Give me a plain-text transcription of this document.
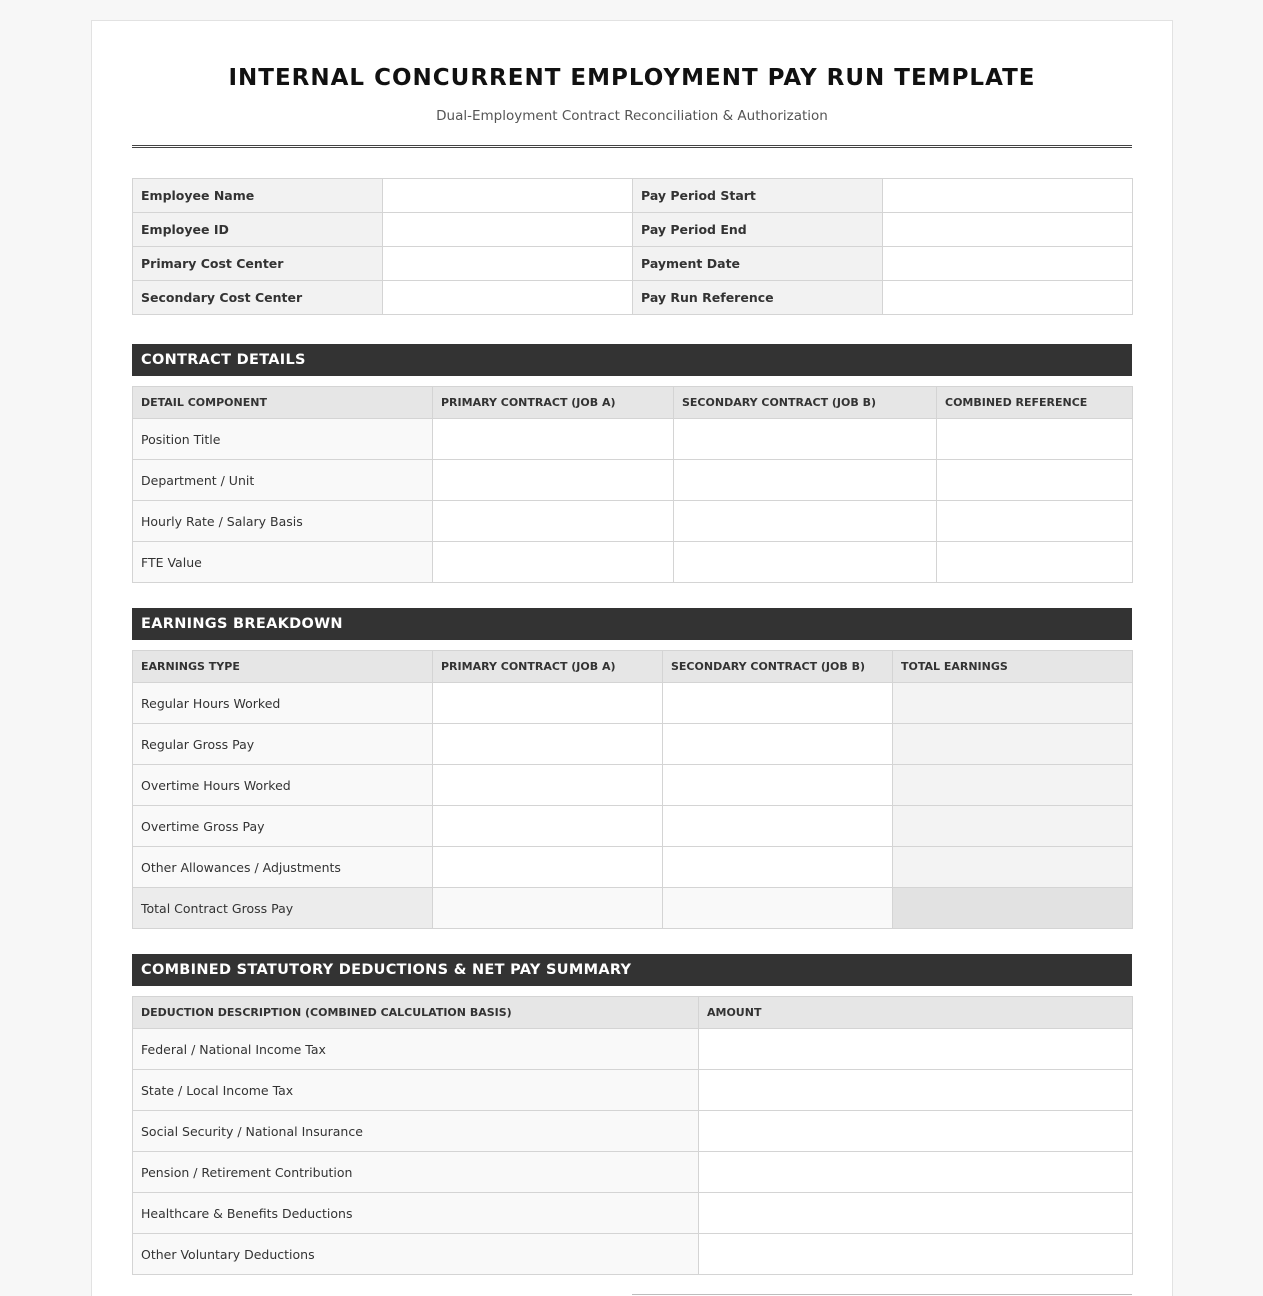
INTERNAL CONCURRENT EMPLOYMENT PAY RUN TEMPLATE
Dual-Employment Contract Reconciliation & Authorization
Employee Name		Pay Period Start	
Employee ID		Pay Period End	
Primary Cost Center		Payment Date	
Secondary Cost Center		Pay Run Reference	
CONTRACT DETAILS
DETAIL COMPONENT	PRIMARY CONTRACT (JOB A)	SECONDARY CONTRACT (JOB B)	COMBINED REFERENCE
Position Title			
Department / Unit			
Hourly Rate / Salary Basis			
FTE Value			
EARNINGS BREAKDOWN
EARNINGS TYPE	PRIMARY CONTRACT (JOB A)	SECONDARY CONTRACT (JOB B)	TOTAL EARNINGS
Regular Hours Worked			
Regular Gross Pay			
Overtime Hours Worked			
Overtime Gross Pay			
Other Allowances / Adjustments			
Total Contract Gross Pay			
COMBINED STATUTORY DEDUCTIONS & NET PAY SUMMARY
DEDUCTION DESCRIPTION (COMBINED CALCULATION BASIS)	AMOUNT
Federal / National Income Tax	
State / Local Income Tax	
Social Security / National Insurance	
Pension / Retirement Contribution	
Healthcare & Benefits Deductions	
Other Voluntary Deductions	
